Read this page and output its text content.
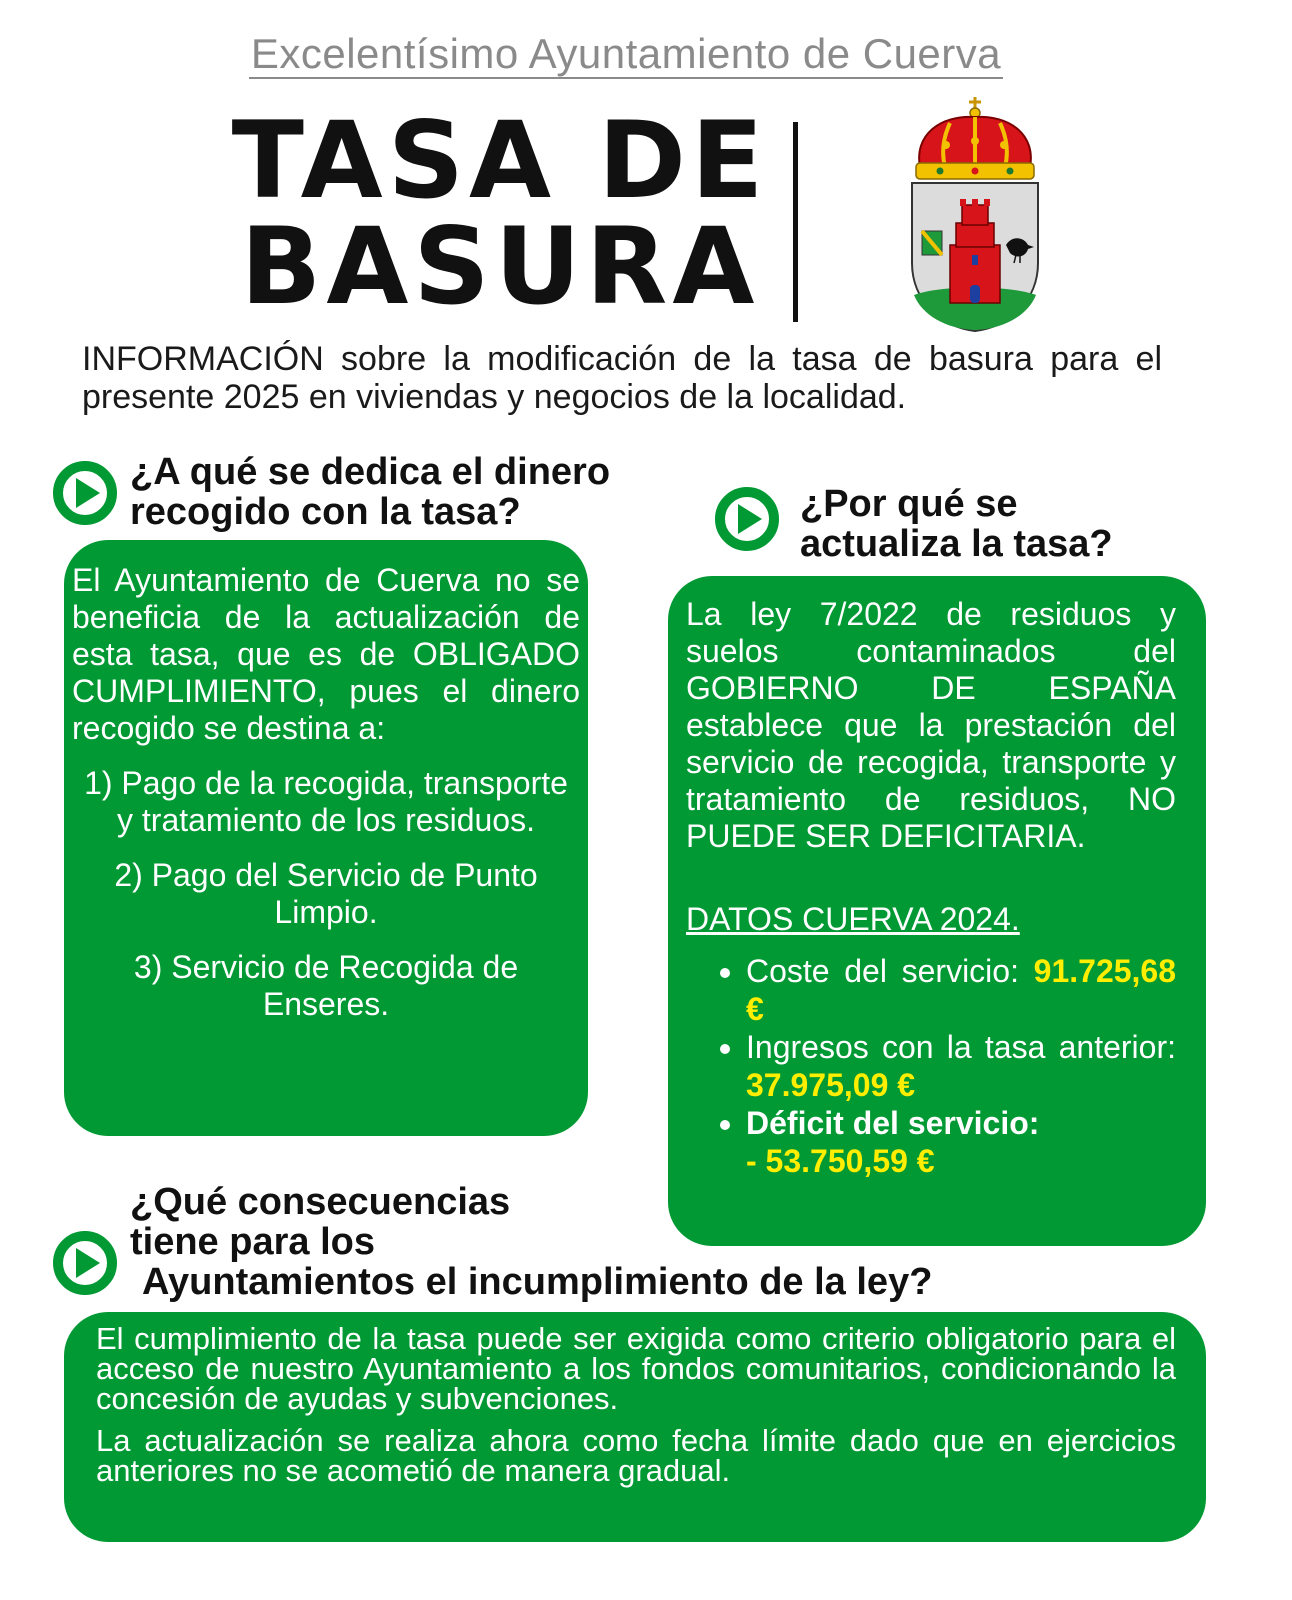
Excelentísimo Ayuntamiento de Cuerva
TASA DE
BASURA
INFORMACIÓN sobre la modificación de la tasa de basura para el presente 2025 en viviendas y negocios de la localidad.
¿A qué se dedica el dinero
recogido con la tasa?
El Ayuntamiento de Cuerva no se beneficia de la actualización de esta tasa, que es de OBLIGADO CUMPLIMIENTO, pues el dinero recogido se destina a:
1) Pago de la recogida, transporte y tratamiento de los residuos.
2) Pago del Servicio de Punto Limpio.
3) Servicio de Recogida de Enseres.
¿Por qué se
actualiza la tasa?
La ley 7/2022 de residuos y suelos contaminados del GOBIERNO DE ESPAÑA establece que la prestación del servicio de recogida, transporte y tratamiento de residuos, NO PUEDE SER DEFICITARIA.
DATOS CUERVA 2024.
• Coste del servicio: 91.725,68 €
• Ingresos con la tasa anterior: 37.975,09 €
• Déficit del servicio:
- 53.750,59 €
¿Qué consecuencias
tiene para los
Ayuntamientos el incumplimiento de la ley?

El cumplimiento de la tasa puede ser exigida como criterio obligatorio para el acceso de nuestro Ayuntamiento a los fondos comunitarios, condicionando la concesión de ayudas y subvenciones.

La actualización se realiza ahora como fecha límite dado que en ejercicios anteriores no se acometió de manera gradual.
